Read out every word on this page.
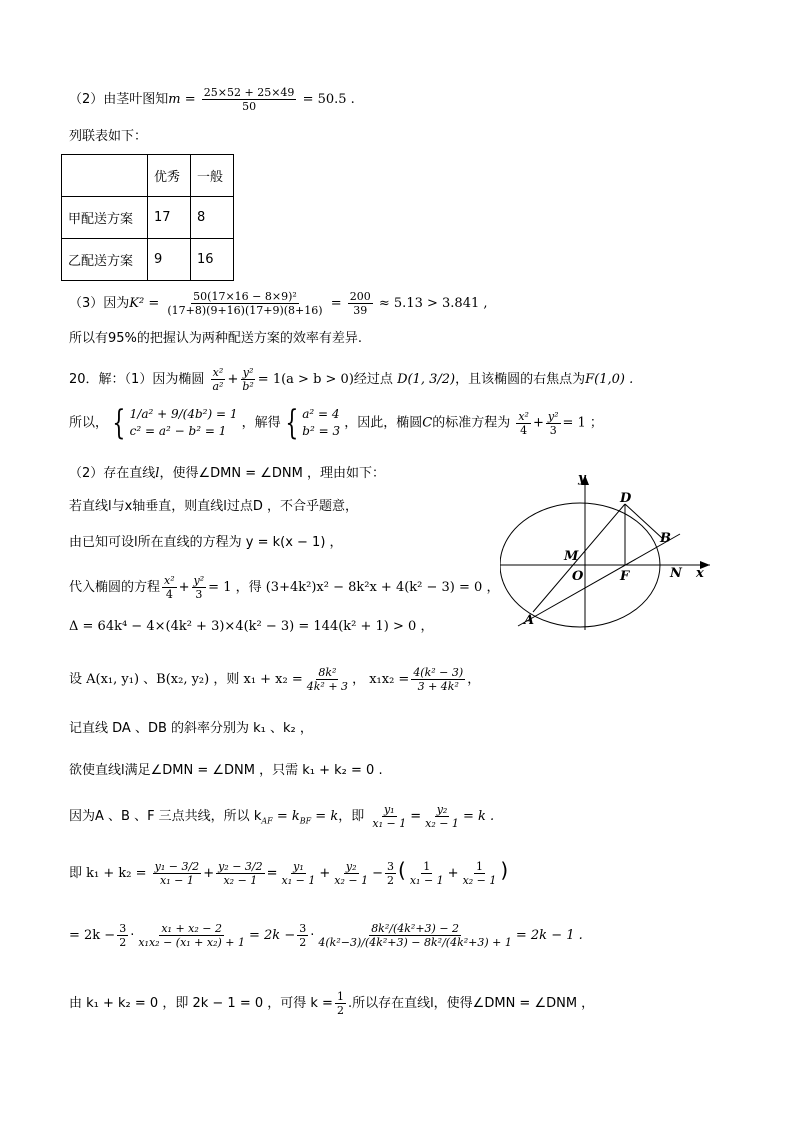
（2）由茎叶图知$m = \frac{25\times 52 + 25\times 49}{50} = 50.5$ .
列联表如下：
	优秀	一般
甲配送方案	17	8
乙配送方案	9	16
（3）因为$K^2 = \frac{\text{50(17×16 − 8×9)²}}{(17+8)(9+16)(17+9)(8+16)} = \frac{200}{39} \approx 5.13 > 3.841$ ,
所以有95%的把握认为两种配送方案的效率有差异.
20．解：（1）因为椭圆 $\frac{\text{x²}}{\text{a²}} + \frac{\text{y²}}{\text{b²}} = 1(a > b > 0)$经过点 D(1, 3/2)，且该椭圆的右焦点为F(1,0) .
所以， { 1/a² + 9/(4b²) = 1
c² = a² − b² = 1
，解得 { a² = 4
b² = 3
，因此，椭圆C的标准方程为 $\frac{\text{x²}}{4} + \frac{\text{y²}}{3} = 1$ ；
（2）存在直线l，使得∠DMN = ∠DNM ，理由如下：
若直线l与x轴垂直，则直线l过点D ，不合乎题意，
由已知可设l所在直线的方程为 y = k(x − 1) ，
代入椭圆的方程 $\frac{\text{x²}}{4} + \frac{\text{y²}}{3} = 1$ ，得 (3+4k²)x² − 8k²x + 4(k² − 3) = 0 ，
Δ = 64k⁴ − 4×(4k² + 3)×4(k² − 3) = 144(k² + 1) > 0 ，
设 A(x₁, y₁) 、B(x₂, y₂) ，则 $x_1 + x_2 = \frac{\text{8k²}}{\text{4k² + 3}}$ ， $x_1x_2 = \frac{\text{4(k² − 3)}}{\text{3 + 4k²}}$ ，
记直线 DA 、DB 的斜率分别为 k₁ 、k₂ ，
欲使直线l满足∠DMN = ∠DNM ，只需 k₁ + k₂ = 0 .
因为A 、B 、F 三点共线，所以 $k_{AF} = k_{BF} = k$，即 $\frac{\text{y₁}}{\text{x₁ − 1}} = \frac{\text{y₂}}{\text{x₂ − 1}} = k$ .
即 $k_1 + k_2 = \frac{\text{y₁ − 3/2}}{\text{x₁ − 1}} + \frac{\text{y₂ − 3/2}}{\text{x₂ − 1}} = \frac{\text{y₁}}{\text{x₁ − 1}} + \frac{\text{y₂}}{\text{x₂ − 1}} - \frac{3}{2}$ ( $\frac{1}{\text{x₁ − 1}} + \frac{1}{\text{x₂ − 1}}$ )
= $2k - \frac{3}{2} \cdot \frac{\text{x₁ + x₂ − 2}}{\text{x₁x₂ − (x₁ + x₂) + 1}} = 2k - \frac{3}{2} \cdot \frac{\text{8k²/(4k²+3) − 2}}{\text{4(k²−3)/(4k²+3) − 8k²/(4k²+3) + 1}} = 2k - 1$ .
由 k₁ + k₂ = 0 ，即 2k − 1 = 0 ，可得 $k = \frac{1}{2}$ .所以存在直线l，使得∠DMN = ∠DNM ，
y
D
M
O	F
B
N x
A
